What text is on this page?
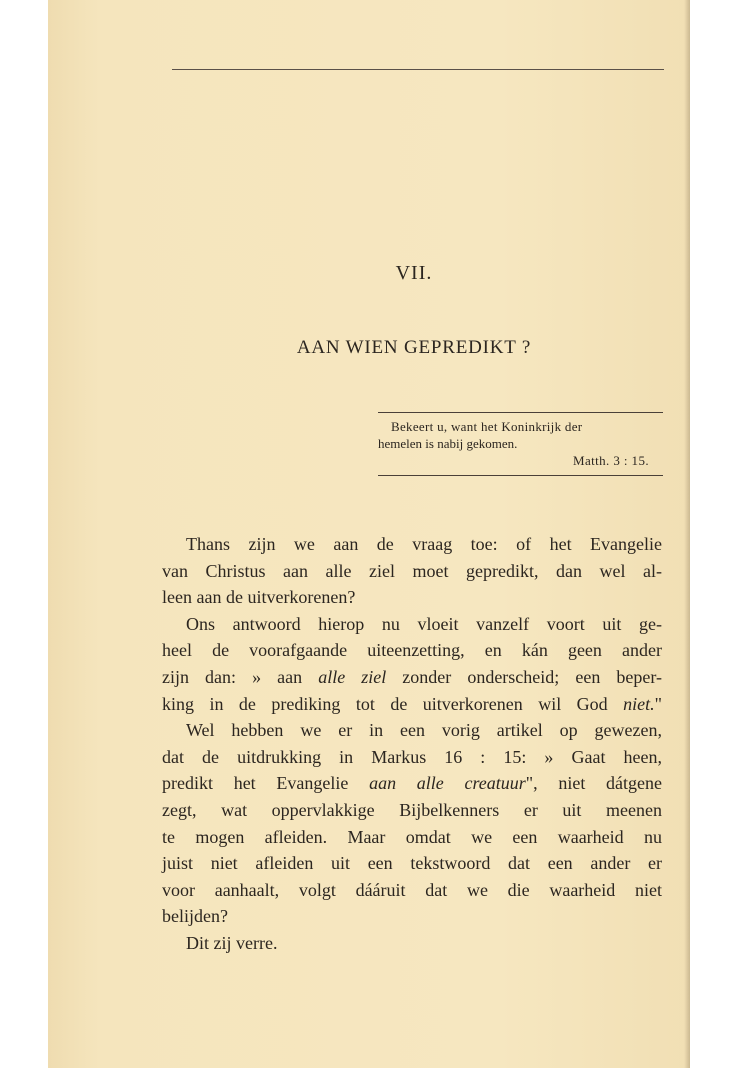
VII.
AAN WIEN GEPREDIKT ?
Bekeert u, want het Koninkrijk der
hemelen is nabij gekomen.
Matth. 3 : 15.

Thans zijn we aan de vraag toe: of het Evangelie
van Christus aan alle ziel moet gepredikt, dan wel al-
leen aan de uitverkorenen?

Ons antwoord hierop nu vloeit vanzelf voort uit ge-
heel de voorafgaande uiteenzetting, en kán geen ander
zijn dan: » aan alle ziel zonder onderscheid; een beper-
king in de prediking tot de uitverkorenen wil God niet."

Wel hebben we er in een vorig artikel op gewezen,
dat de uitdrukking in Markus 16 : 15: » Gaat heen,
predikt het Evangelie aan alle creatuur", niet dátgene
zegt, wat oppervlakkige Bijbelkenners er uit meenen
te mogen afleiden. Maar omdat we een waarheid nu
juist niet afleiden uit een tekstwoord dat een ander er
voor aanhaalt, volgt dááruit dat we die waarheid niet
belijden?

Dit zij verre.
